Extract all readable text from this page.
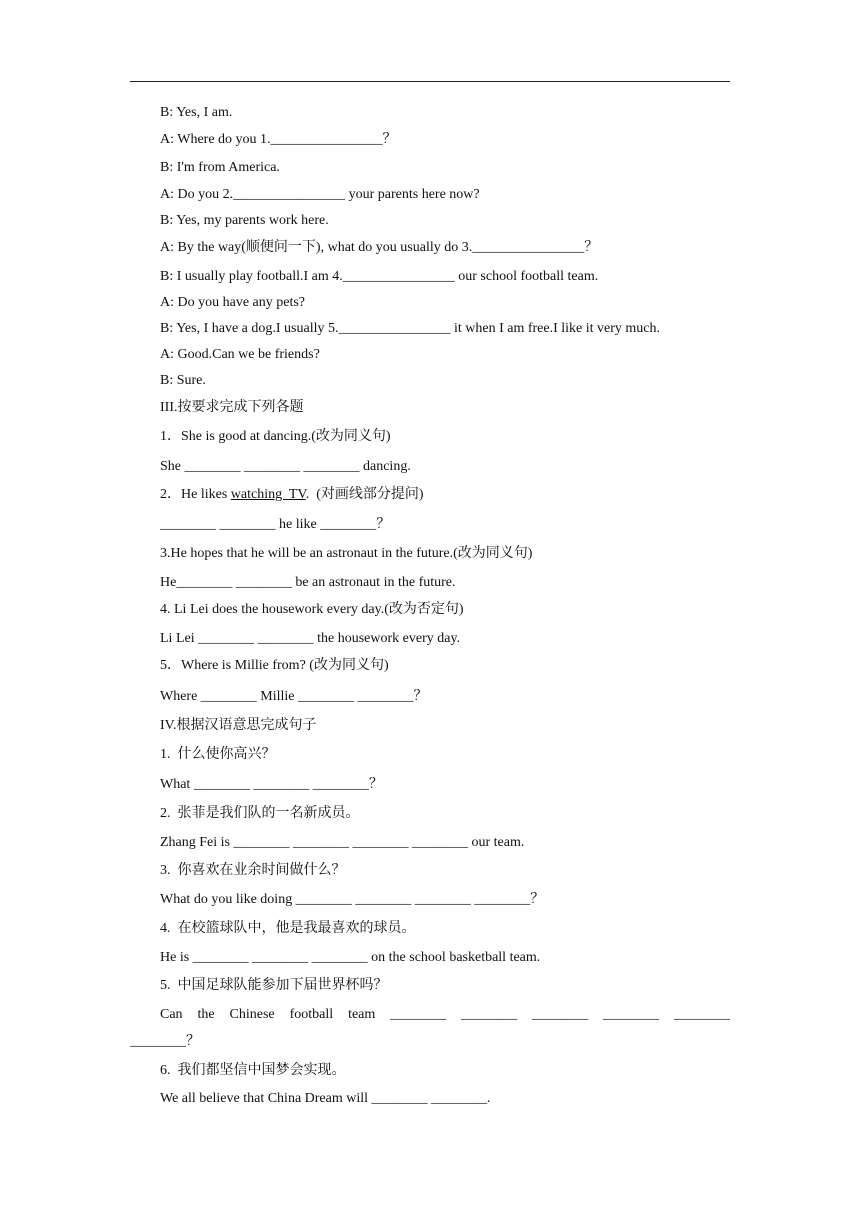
B: Yes, I am.
A: Where do you 1.________________？
B: I'm from America.
A: Do you 2.________________ your parents here now?
B: Yes, my parents work here.
A: By the way(顺便问一下), what do you usually do 3.________________？
B: I usually play football.I am 4.________________ our school football team.
A: Do you have any pets?
B: Yes, I have a dog.I usually 5.________________ it when I am free.I like it very much.
A: Good.Can we be friends?
B: Sure.
III.按要求完成下列各题
1．She is good at dancing.(改为同义句)
She ________ ________ ________ dancing.
2．He likes watching  TV.  (对画线部分提问)
________ ________ he like ________？
3.He hopes that he will be an astronaut in the future.(改为同义句)
He________ ________ be an astronaut in the future.
4. Li Lei does the housework every day.(改为否定句)
Li Lei ________ ________ the housework every day.
5．Where is Millie from? (改为同义句)
Where ________ Millie ________ ________？
IV.根据汉语意思完成句子
1.  什么使你高兴？
What ________ ________ ________？
2.  张菲是我们队的一名新成员。
Zhang Fei is ________ ________ ________ ________ our team.
3.  你喜欢在业余时间做什么？
What do you like doing ________ ________ ________ ________？
4.  在校篮球队中，他是我最喜欢的球员。
He is ________ ________ ________ on the school basketball team.
5.  中国足球队能参加下届世界杯吗？
Can the Chinese football team ________ ________ ________ ________ ________
________？
6.  我们都坚信中国梦会实现。
We all believe that China Dream will ________ ________.
